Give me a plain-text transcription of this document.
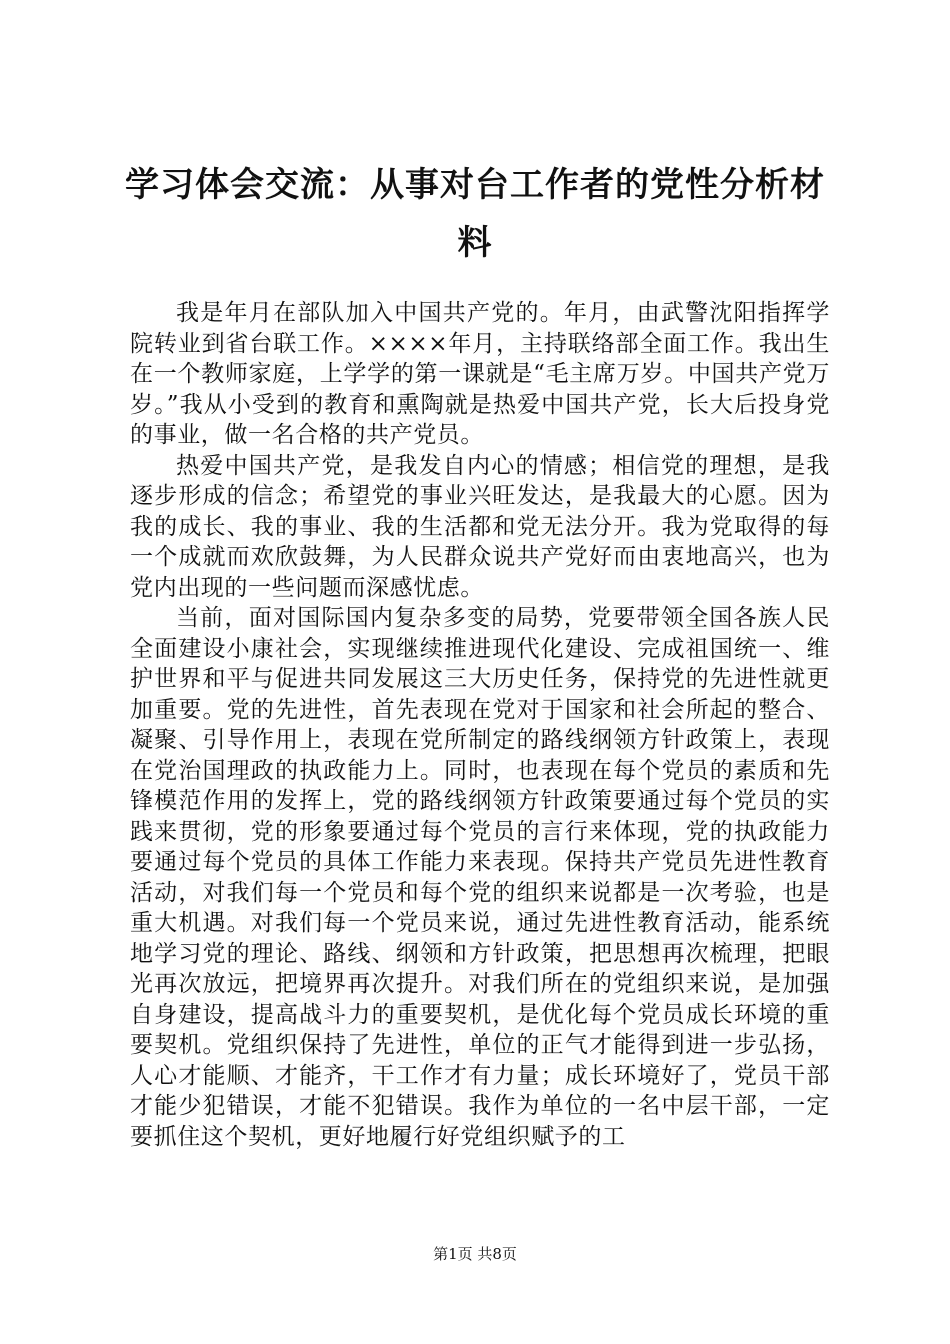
学习体会交流：从事对台工作者的党性分析材料

我是年月在部队加入中国共产党的。年月，由武警沈阳指挥学院转业到省台联工作。××××年月，主持联络部全面工作。我出生在一个教师家庭，上学学的第一课就是“毛主席万岁。中国共产党万岁。”我从小受到的教育和熏陶就是热爱中国共产党，长大后投身党的事业，做一名合格的共产党员。

热爱中国共产党，是我发自内心的情感；相信党的理想，是我逐步形成的信念；希望党的事业兴旺发达，是我最大的心愿。因为我的成长、我的事业、我的生活都和党无法分开。我为党取得的每一个成就而欢欣鼓舞，为人民群众说共产党好而由衷地高兴，也为党内出现的一些问题而深感忧虑。

当前，面对国际国内复杂多变的局势，党要带领全国各族人民全面建设小康社会，实现继续推进现代化建设、完成祖国统一、维护世界和平与促进共同发展这三大历史任务，保持党的先进性就更加重要。党的先进性，首先表现在党对于国家和社会所起的整合、凝聚、引导作用上，表现在党所制定的路线纲领方针政策上，表现在党治国理政的执政能力上。同时，也表现在每个党员的素质和先锋模范作用的发挥上，党的路线纲领方针政策要通过每个党员的实践来贯彻，党的形象要通过每个党员的言行来体现，党的执政能力要通过每个党员的具体工作能力来表现。保持共产党员先进性教育活动，对我们每一个党员和每个党的组织来说都是一次考验，也是重大机遇。对我们每一个党员来说，通过先进性教育活动，能系统地学习党的理论、路线、纲领和方针政策，把思想再次梳理，把眼光再次放远，把境界再次提升。对我们所在的党组织来说，是加强自身建设，提高战斗力的重要契机，是优化每个党员成长环境的重要契机。党组织保持了先进性，单位的正气才能得到进一步弘扬，人心才能顺、才能齐，干工作才有力量；成长环境好了，党员干部才能少犯错误，才能不犯错误。我作为单位的一名中层干部，一定要抓住这个契机，更好地履行好党组织赋予的工

第1页 共8页
